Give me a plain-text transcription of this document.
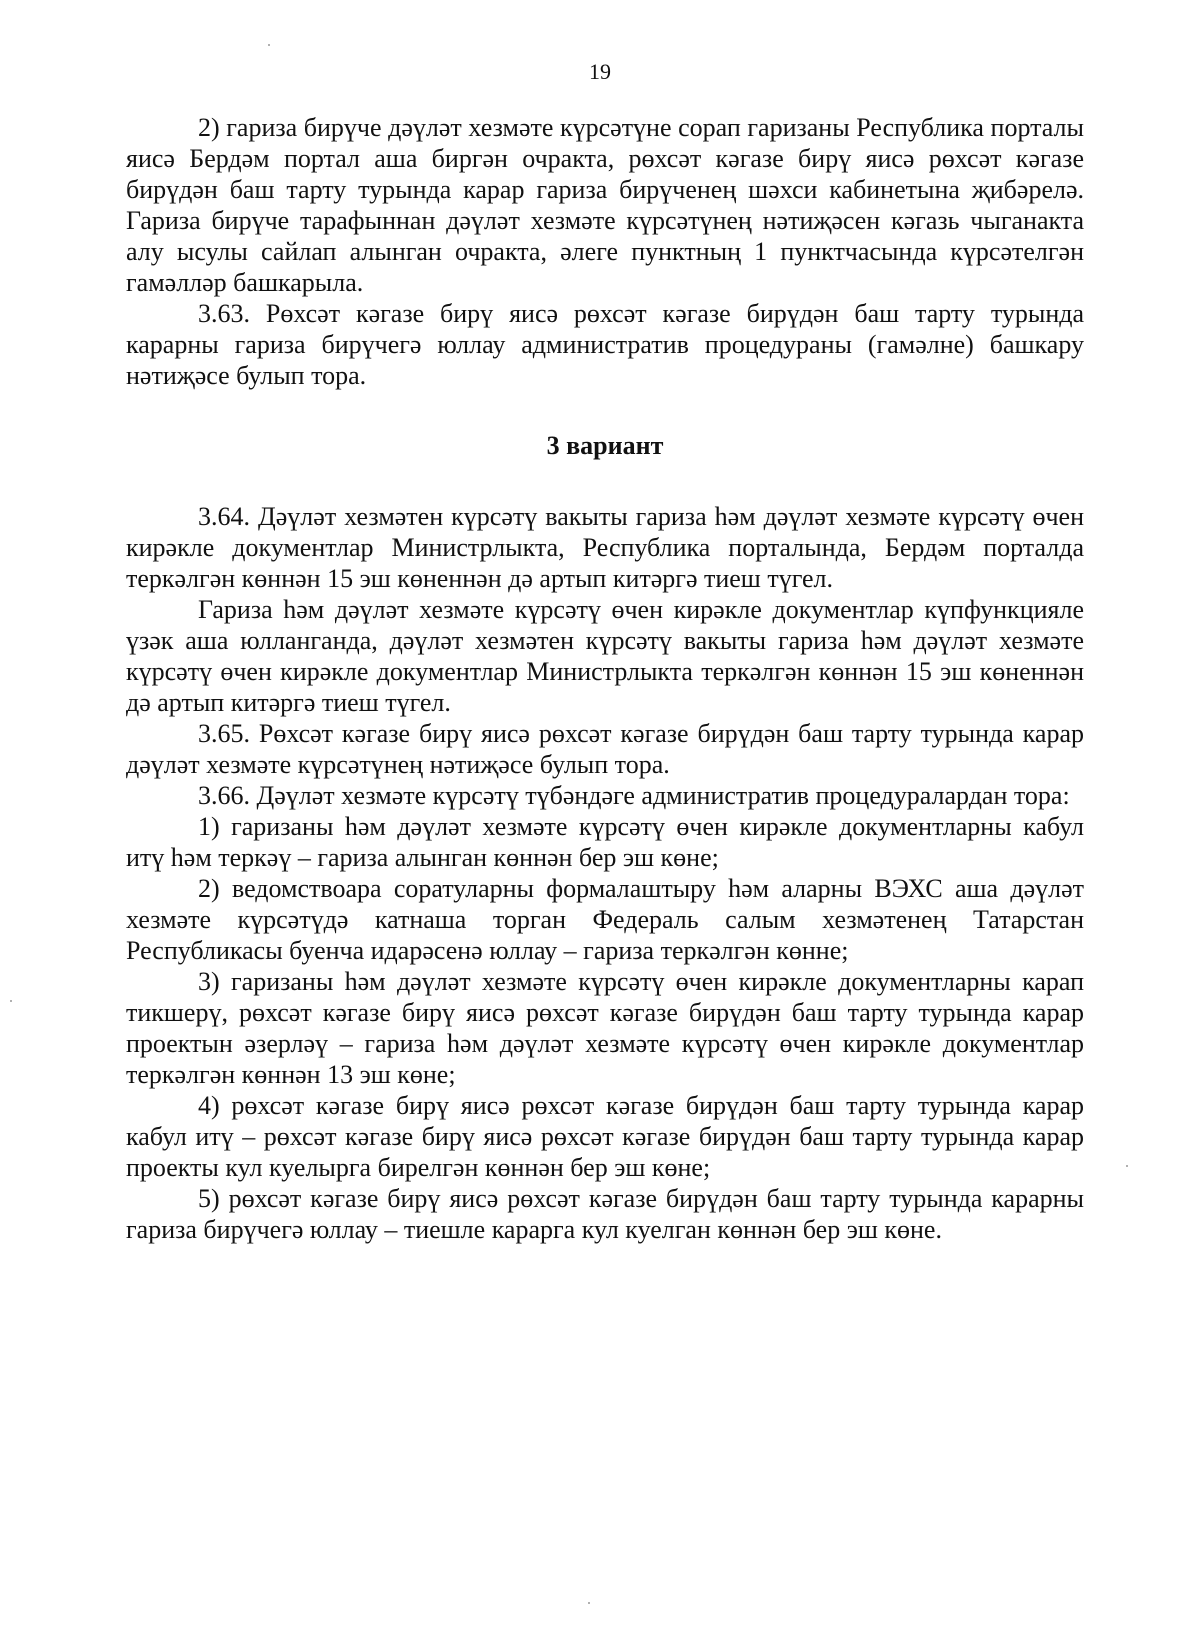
19

2) гариза бирүче дәүләт хезмәте күрсәтүне сорап гаризаны Республика порталы яисә Бердәм портал аша биргән очракта, рөхсәт кәгазе бирү яисә рөхсәт кәгазе бирүдән баш тарту турында карар гариза бирүченең шәхси кабинетына җибәрелә. Гариза бирүче тарафыннан дәүләт хезмәте күрсәтүнең нәтиҗәсен кәгазь чыганакта алу ысулы сайлап алынган очракта, әлеге пунктның 1 пунктчасында күрсәтелгән гамәлләр башкарыла.

3.63. Рөхсәт кәгазе бирү яисә рөхсәт кәгазе бирүдән баш тарту турында карарны гариза бирүчегә юллау административ процедураны (гамәлне) башкару нәтиҗәсе булып тора.

3 вариант

3.64. Дәүләт хезмәтен күрсәтү вакыты гариза һәм дәүләт хезмәте күрсәтү өчен кирәкле документлар Министрлыкта, Республика порталында, Бердәм порталда теркәлгән көннән 15 эш көненнән дә артып китәргә тиеш түгел.

Гариза һәм дәүләт хезмәте күрсәтү өчен кирәкле документлар күпфункцияле үзәк аша юлланганда, дәүләт хезмәтен күрсәтү вакыты гариза һәм дәүләт хезмәте күрсәтү өчен кирәкле документлар Министрлыкта теркәлгән көннән 15 эш көненнән дә артып китәргә тиеш түгел.

3.65. Рөхсәт кәгазе бирү яисә рөхсәт кәгазе бирүдән баш тарту турында карар дәүләт хезмәте күрсәтүнең нәтиҗәсе булып тора.

3.66. Дәүләт хезмәте күрсәтү түбәндәге административ процедуралардан тора:

1) гаризаны һәм дәүләт хезмәте күрсәтү өчен кирәкле документларны кабул итү һәм теркәү – гариза алынган көннән бер эш көне;

2) ведомствоара соратуларны формалаштыру һәм аларны ВЭХС аша дәүләт хезмәте күрсәтүдә катнаша торган Федераль салым хезмәтенең Татарстан Республикасы буенча идарәсенә юллау – гариза теркәлгән көнне;

3) гаризаны һәм дәүләт хезмәте күрсәтү өчен кирәкле документларны карап тикшерү, рөхсәт кәгазе бирү яисә рөхсәт кәгазе бирүдән баш тарту турында карар проектын әзерләү – гариза һәм дәүләт хезмәте күрсәтү өчен кирәкле документлар теркәлгән көннән 13 эш көне;

4) рөхсәт кәгазе бирү яисә рөхсәт кәгазе бирүдән баш тарту турында карар кабул итү – рөхсәт кәгазе бирү яисә рөхсәт кәгазе бирүдән баш тарту турында карар проекты кул куелырга бирелгән көннән бер эш көне;

5) рөхсәт кәгазе бирү яисә рөхсәт кәгазе бирүдән баш тарту турында карарны гариза бирүчегә юллау – тиешле карарга кул куелган көннән бер эш көне.
